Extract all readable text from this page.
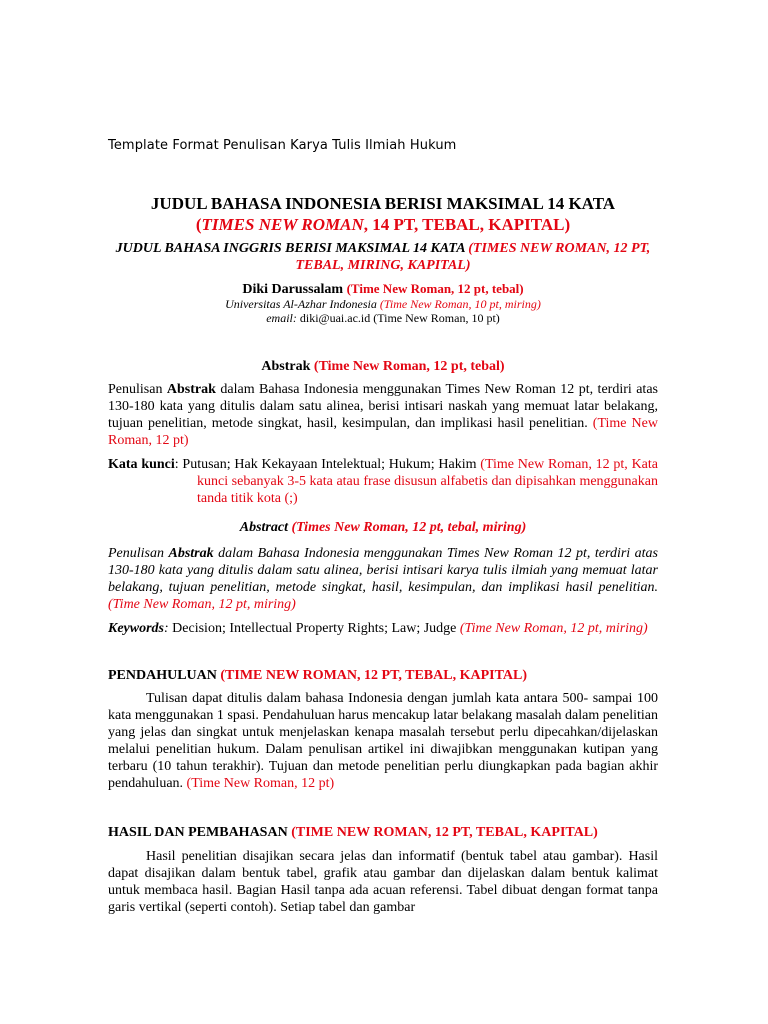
Template Format Penulisan Karya Tulis Ilmiah Hukum
JUDUL BAHASA INDONESIA BERISI MAKSIMAL 14 KATA
(TIMES NEW ROMAN, 14 PT, TEBAL, KAPITAL)
JUDUL BAHASA INGGRIS BERISI MAKSIMAL 14 KATA (TIMES NEW ROMAN, 12 PT, TEBAL, MIRING, KAPITAL)
Diki Darussalam (Time New Roman, 12 pt, tebal)
Universitas Al-Azhar Indonesia (Time New Roman, 10 pt, miring)
email: diki@uai.ac.id (Time New Roman, 10 pt)
Abstrak (Time New Roman, 12 pt, tebal)
Penulisan Abstrak dalam Bahasa Indonesia menggunakan Times New Roman 12 pt, terdiri atas 130-180 kata yang ditulis dalam satu alinea, berisi intisari naskah yang memuat latar belakang, tujuan penelitian, metode singkat, hasil, kesimpulan, dan implikasi hasil penelitian. (Time New Roman, 12 pt)
Kata kunci: Putusan; Hak Kekayaan Intelektual; Hukum; Hakim (Time New Roman, 12 pt, Kata kunci sebanyak 3-5 kata atau frase disusun alfabetis dan dipisahkan menggunakan tanda titik kota (;)
Abstract (Times New Roman, 12 pt, tebal, miring)
Penulisan Abstrak dalam Bahasa Indonesia menggunakan Times New Roman 12 pt, terdiri atas 130-180 kata yang ditulis dalam satu alinea, berisi intisari karya tulis ilmiah yang memuat latar belakang, tujuan penelitian, metode singkat, hasil, kesimpulan, dan implikasi hasil penelitian. (Time New Roman, 12 pt, miring)
Keywords: Decision; Intellectual Property Rights; Law; Judge (Time New Roman, 12 pt, miring)
PENDAHULUAN (TIME NEW ROMAN, 12 PT, TEBAL, KAPITAL)
Tulisan dapat ditulis dalam bahasa Indonesia dengan jumlah kata antara 500- sampai 100 kata menggunakan 1 spasi. Pendahuluan harus mencakup latar belakang masalah dalam penelitian yang jelas dan singkat untuk menjelaskan kenapa masalah tersebut perlu dipecahkan/dijelaskan melalui penelitian hukum. Dalam penulisan artikel ini diwajibkan menggunakan kutipan yang terbaru (10 tahun terakhir). Tujuan dan metode penelitian perlu diungkapkan pada bagian akhir pendahuluan. (Time New Roman, 12 pt)
HASIL DAN PEMBAHASAN (TIME NEW ROMAN, 12 PT, TEBAL, KAPITAL)
Hasil penelitian disajikan secara jelas dan informatif (bentuk tabel atau gambar). Hasil dapat disajikan dalam bentuk tabel, grafik atau gambar dan dijelaskan dalam bentuk kalimat untuk membaca hasil. Bagian Hasil tanpa ada acuan referensi. Tabel dibuat dengan format tanpa garis vertikal (seperti contoh). Setiap tabel dan gambar
